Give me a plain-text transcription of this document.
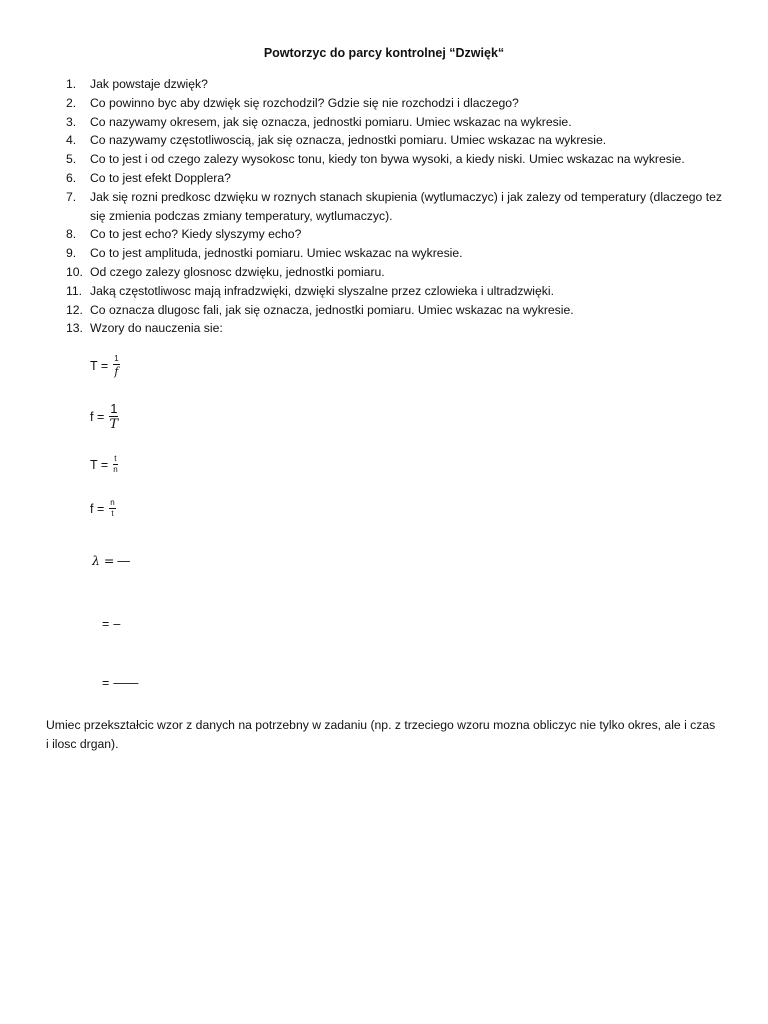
Powtorzyc do parcy kontrolnej “Dzwięk“
1. Jak powstaje dzwięk?
2. Co powinno byc aby dzwięk się rozchodzil? Gdzie się nie rozchodzi i dlaczego?
3. Co nazywamy okresem, jak się oznacza, jednostki pomiaru. Umiec wskazac na wykresie.
4. Co nazywamy częstotliwoscią, jak się oznacza, jednostki pomiaru. Umiec wskazac na wykresie.
5. Co to jest i od czego zalezy wysokosc tonu, kiedy ton bywa wysoki, a kiedy niski. Umiec wskazac na wykresie.
6. Co to jest efekt Dopplera?
7. Jak się rozni predkosc dzwięku w roznych stanach skupienia (wytlumaczyc) i jak zalezy od temperatury (dlaczego tez się zmienia podczas zmiany temperatury, wytlumaczyc).
8. Co to jest echo? Kiedy slyszymy echo?
9. Co to jest amplituda, jednostki pomiaru. Umiec wskazac na wykresie.
10. Od czego zalezy glosnosc dzwięku, jednostki pomiaru.
11. Jaką częstotliwosc mają infradzwięki, dzwięki slyszalne przez czlowieka i ultradzwięki.
12. Co oznacza dlugosc fali, jak się oznacza, jednostki pomiaru. Umiec wskazac na wykresie.
13. Wzory do nauczenia sie:
$T = \frac{1}{f}$
$f = \frac{1}{T}$
$T = \frac{t}{n}$
$f = \frac{n}{t}$
λ = —
= –
= ——
Umiec przekształcic wzor z danych na potrzebny w zadaniu (np. z trzeciego wzoru mozna obliczyc nie tylko okres, ale i czas i ilosc drgan).
